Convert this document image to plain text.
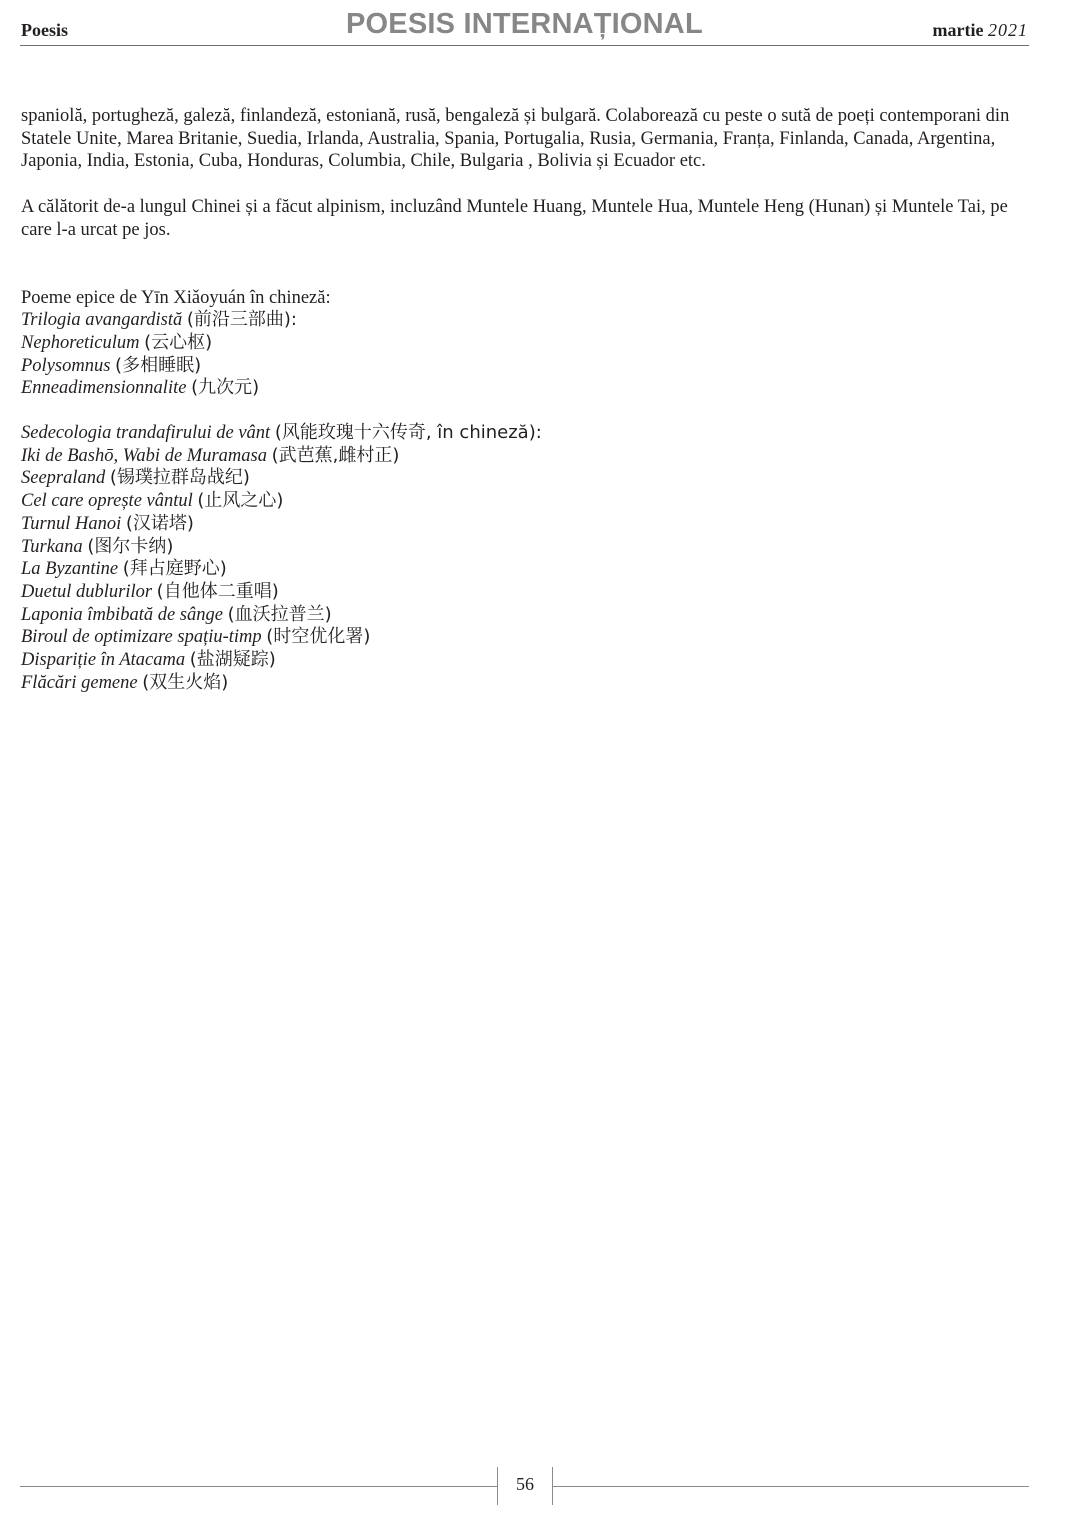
Poesis	POESIS INTERNAȚIONAL	martie 2021

spaniolă, portugheză, galeză, finlandeză, estoniană, rusă, bengaleză și bulgară. Colaborează cu peste o sută de poeți contemporani din Statele Unite, Marea Britanie, Suedia, Irlanda, Australia, Spania, Portugalia, Rusia, Germania, Franța, Finlanda, Canada, Argentina, Japonia, India, Estonia, Cuba, Honduras, Columbia, Chile, Bulgaria , Bolivia și Ecuador etc.

A călătorit de-a lungul Chinei și a făcut alpinism, incluzând Muntele Huang, Muntele Hua, Muntele Heng (Hunan) și Muntele Tai, pe care l-a urcat pe jos.

Poeme epice de Yīn Xiǎoyuán în chineză:

Trilogia avangardistă (前沿三部曲):

Nephoreticulum (云心枢)

Polysomnus (多相睡眠)

Enneadimensionnalite (九次元)

Sedecologia trandafirului de vânt (风能玫瑰十六传奇, în chineză):

Iki de Bashō, Wabi de Muramasa (武芭蕉,雌村正)

Seepraland (锡璞拉群岛战纪)

Cel care oprește vântul (止风之心)

Turnul Hanoi (汉诺塔)

Turkana (图尔卡纳)

La Byzantine (拜占庭野心)

Duetul dublurilor (自他体二重唱)

Laponia îmbibată de sânge (血沃拉普兰)

Biroul de optimizare spațiu-timp (时空优化署)

Dispariție în Atacama (盐湖疑踪)

Flăcări gemene (双生火焰)

56
